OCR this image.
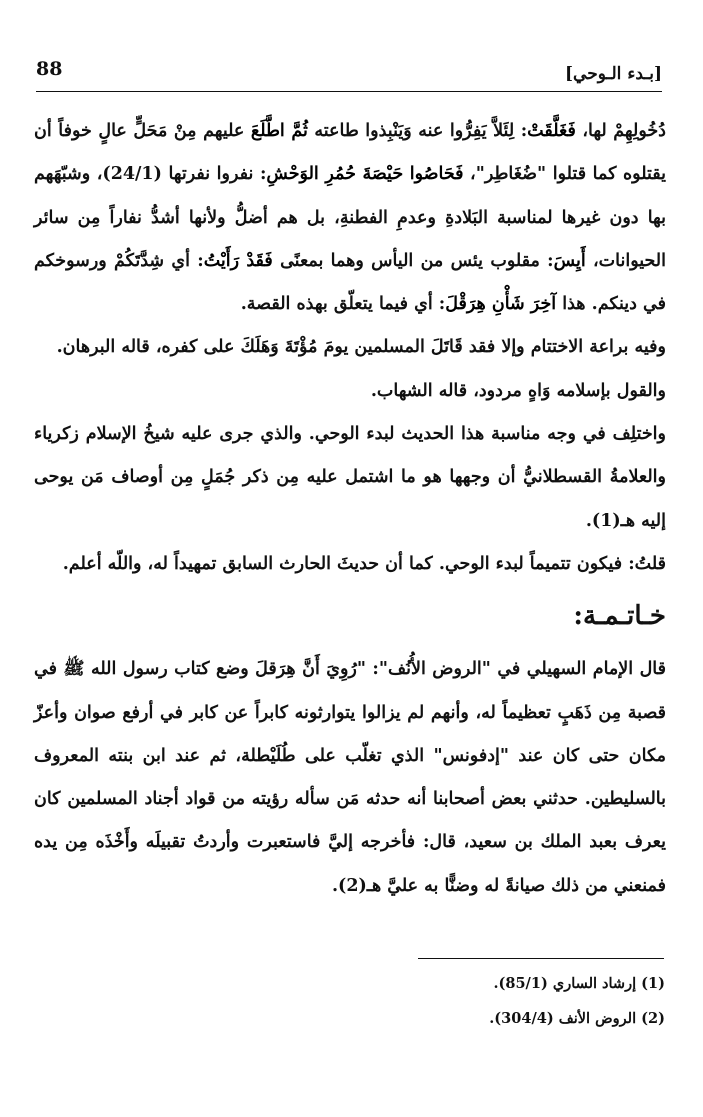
88	[بـدء الـوحي]

دُخُولِهِمْ لها، فَغَلَّقَتْ: لِئَلاَّ يَفِرُّوا عنه وَيَنْبِذوا طاعته ثُمَّ اطَّلَعَ عليهم مِنْ مَحَلٍّ عالٍ خوفاً أن يقتلوه كما قتلوا "ضُغَاطِر"، فَحَاصُوا حَيْصَةَ حُمُرِ الوَحْشِ: نفروا نفرتها (24/1)، وشبّهَهم بها دون غيرها لمناسبة البَلادةِ وعدمِ الفطنةِ، بل هم أضلُّ ولأنها أشدُّ نفاراً مِن سائر الحيوانات، أَيِسَ: مقلوب يئس من اليأس وهما بمعنًى فَقَدْ رَأَيْتُ: أي شِدَّتَكُمْ ورسوخكم في دينكم. هذا آخِرَ شَأْنِ هِرَقْلَ: أي فيما يتعلّق بهذه القصة.

وفيه براعة الاختتام وإلا فقد قَاتَلَ المسلمين يومَ مُؤْتَةَ وَهَلَكَ على كفره، قاله البرهان.

والقول بإسلامه وَاهٍ مردود، قاله الشهاب.

واختلِف في وجه مناسبة هذا الحديث لبدء الوحي. والذي جرى عليه شيخُ الإسلام زكرياء والعلامةُ القسطلانيُّ أن وجهها هو ما اشتمل عليه مِن ذكر جُمَلٍ مِن أوصاف مَن يوحى إليه هـ(1).

قلتُ: فيكون تتميماً لبدء الوحي. كما أن حديثَ الحارث السابق تمهيداً له، واللّه أعلم.

خـاتـمـة:

قال الإمام السهيلي في "الروض الأُنُف": "رُوِيَ أَنَّ هِرَقلَ وضع كتاب رسول الله ﷺ في قصبة مِن ذَهَبٍ تعظيماً له، وأنهم لم يزالوا يتوارثونه كابراً عن كابر في أرفع صوان وأعزّ مكان حتى كان عند "إدفونس" الذي تغلّب على طُلَيْطلة، ثم عند ابن بنته المعروف بالسليطين. حدثني بعض أصحابنا أنه حدثه مَن سأله رؤيته من قواد أجناد المسلمين كان يعرف بعبد الملك بن سعيد، قال: فأخرجه إليَّ فاستعبرت وأردتُ تقبيلَه وأَخْذَه مِن يده فمنعني من ذلك صيانةً له وضنًّا به عليَّ هـ(2).

(1) إرشاد الساري (85/1).

(2) الروض الأنف (304/4).
